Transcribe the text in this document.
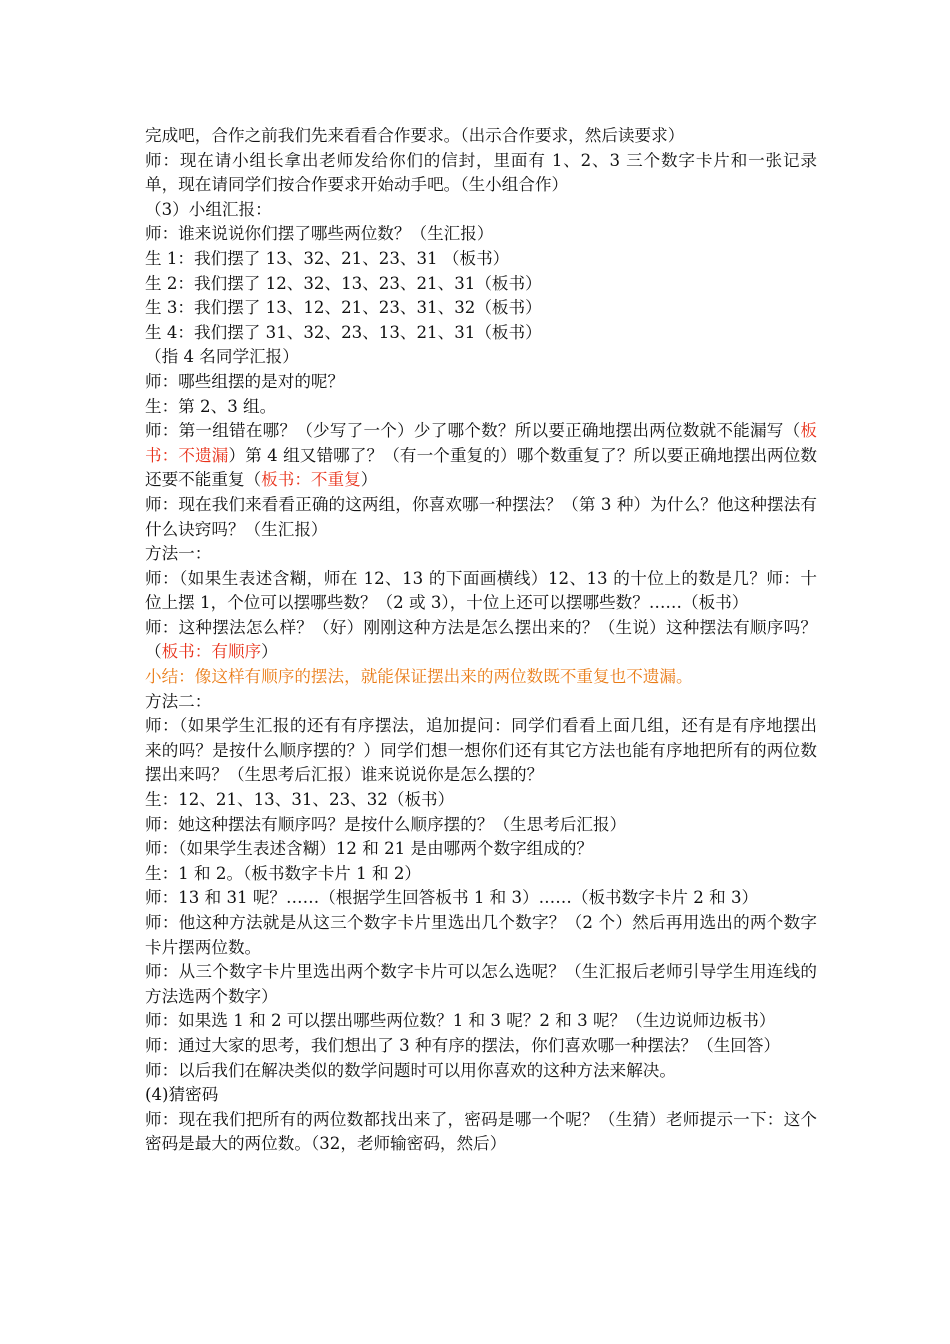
完成吧，合作之前我们先来看看合作要求。（出示合作要求，然后读要求）

师：现在请小组长拿出老师发给你们的信封，里面有 1、2、3 三个数字卡片和一张记录单，现在请同学们按合作要求开始动手吧。（生小组合作）

（3）小组汇报：

师：谁来说说你们摆了哪些两位数？（生汇报）

生 1：我们摆了 13、32、21、23、31 （板书）

生 2：我们摆了 12、32、13、23、21、31（板书）

生 3：我们摆了 13、12、21、23、31、32（板书）

生 4：我们摆了 31、32、23、13、21、31（板书）

（指 4 名同学汇报）

师：哪些组摆的是对的呢？

生：第 2、3 组。

师：第一组错在哪？（少写了一个）少了哪个数？所以要正确地摆出两位数就不能漏写（板书：不遗漏）第 4 组又错哪了？（有一个重复的）哪个数重复了？所以要正确地摆出两位数还要不能重复（板书：不重复）

师：现在我们来看看正确的这两组，你喜欢哪一种摆法？（第 3 种）为什么？他这种摆法有什么诀窍吗？（生汇报）

方法一：

师：（如果生表述含糊，师在 12、13 的下面画横线）12、13 的十位上的数是几？师：十位上摆 1，个位可以摆哪些数？（2 或 3），十位上还可以摆哪些数？……（板书）

师：这种摆法怎么样？（好）刚刚这种方法是怎么摆出来的？（生说）这种摆法有顺序吗？（板书：有顺序）

小结：像这样有顺序的摆法，就能保证摆出来的两位数既不重复也不遗漏。

方法二：

师：（如果学生汇报的还有有序摆法，追加提问：同学们看看上面几组，还有是有序地摆出来的吗？是按什么顺序摆的？）同学们想一想你们还有其它方法也能有序地把所有的两位数摆出来吗？（生思考后汇报）谁来说说你是怎么摆的？

生：12、21、13、31、23、32（板书）

师：她这种摆法有顺序吗？是按什么顺序摆的？（生思考后汇报）

师：（如果学生表述含糊）12 和 21 是由哪两个数字组成的？

生：1 和 2。（板书数字卡片 1 和 2）

师：13 和 31 呢？……（根据学生回答板书 1 和 3）……（板书数字卡片 2 和 3）

师：他这种方法就是从这三个数字卡片里选出几个数字？（2 个）然后再用选出的两个数字卡片摆两位数。

师：从三个数字卡片里选出两个数字卡片可以怎么选呢？（生汇报后老师引导学生用连线的方法选两个数字）

师：如果选 1 和 2 可以摆出哪些两位数？1 和 3 呢？2 和 3 呢？（生边说师边板书）

师：通过大家的思考，我们想出了 3 种有序的摆法，你们喜欢哪一种摆法？（生回答）

师：以后我们在解决类似的数学问题时可以用你喜欢的这种方法来解决。

(4)猜密码

师：现在我们把所有的两位数都找出来了，密码是哪一个呢？（生猜）老师提示一下：这个密码是最大的两位数。（32，老师输密码，然后）
